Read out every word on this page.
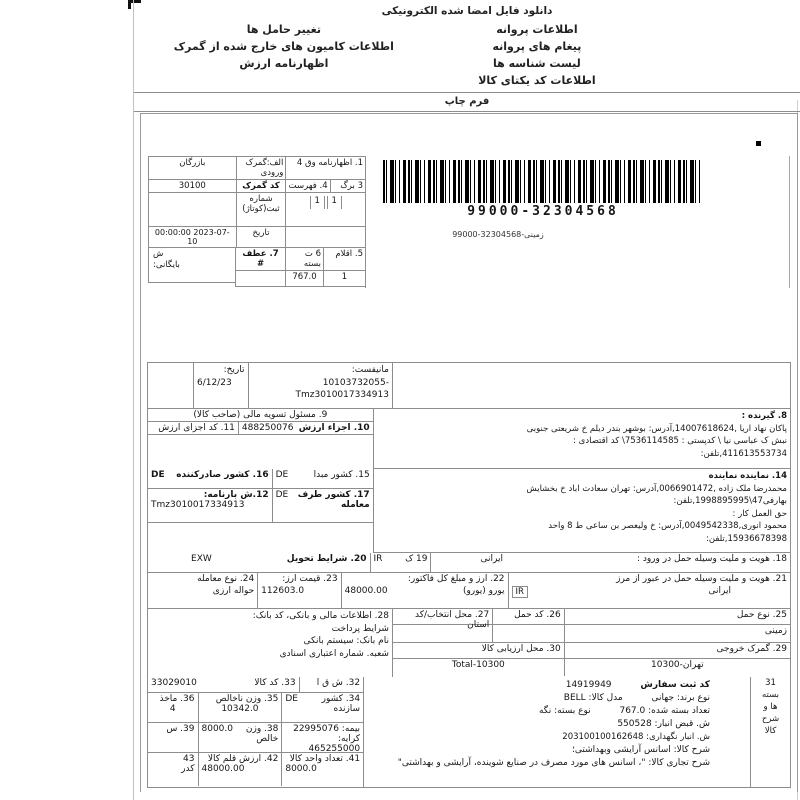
دانلود فایل امضا شده الکترونیکی
تغییر حامل ها
اطلاعات کامیون های خارج شده از گمرک
اظهارنامه ارزش
اطلاعات پروانه
پیغام های پروانه
لیست شناسه ها
اطلاعات کد یکتای کالا
فرم چاپ
1. اظهارنامه وق 4
الف:گمرک ورودی
بازرگان
3 برگ
4. فهرست
کد گمرک
30100
1
1
شماره ثبت(کوتاژ)
تاریخ
00:00:00 2023-07-10
5. اقلام
6 ت بسته
1
767.0
7. عطف #
ش
بایگانی:
99000-32304568
99000-32304568-زمینی
مانیفست:
-10103732055
Tmz3010017334913
تاریخ:
6/12/23
8. گیرنده :
پاکان نهاد اریا ,14007618624,آدرس: بوشهر بندر دیلم خ شریعتی جنوبی
نبش ک عباسی نیا \ کدپستی : 7536114585\ کد اقتصادی :
411613553734,تلفن:
9. مسئول تسویه مالی (صاحب کالا)
10. اجزاء ارزش
488250076
11. کد اجزای ارزش
14. نماینده نماینده
محمدرضا ملک زاده ,0066901472,آدرس: تهران سعادت اباد خ بخشایش
بهارفی47\1998895995,تلفن:
حق العمل کار :
محمود انوری,0049542338,آدرس: خ ولیعصر بن ساعی ط 8 واحد
15936678398,تلفن:
15. کشور مبدا
DE
16. کشور صادرکننده
DE
17. کشور طرف معامله
DE
12.ش بارنامه:
Tmz3010017334913
18. هویت و ملیت وسیله حمل در ورود :
ایرانی
19 ک
IR
20. شرایط تحویل
EXW
21. هویت و ملیت وسیله حمل در عبور از مرز
ایرانی
IR
22. ارز و مبلغ کل فاکتور:
یورو (یورو)
48000.00
23. قیمت ارز:
112603.0
24. نوع معامله
حواله ارزی
25. نوع حمل
26. کد حمل
27. محل انتخاب/کد استان
زمینی
29. گمرک خروجی
30. محل ارزیابی کالا
تهران-10300
Total-10300
28. اطلاعات مالی و بانکی، کد بانک:
شرایط پرداخت
نام بانک: سیستم بانکی
شعبه. شماره اعتباری اسنادی
31
بسته
ها و
شرح
کالا
کد ثبت سفارش 14919949
نوع برند: جهانی مدل کالا: BELL
تعداد بسته شده: 767.0 نوع بسته: نگه
ش. قبض انبار: 550528
ش. انبار نگهداری: 203100100162648
شرح کالا: اسانس آرایشی وبهداشتی؛
شرح تجاری کالا: "، اسانس های مورد مصرف در صنایع شوینده، آرایشی و بهداشتی"
32. ش ق ا
33. کد کالا
33029010
34. کشور سازنده
DE
35. وزن ناخالص
10342.0
36. ماخذ
4
بیمه: 22995076
کرایه: 465255000
38. وزن خالص
8000.0
39. س
41. تعداد واحد کالا
8000.0
42. ارزش قلم کالا
48000.00
43
کدر
